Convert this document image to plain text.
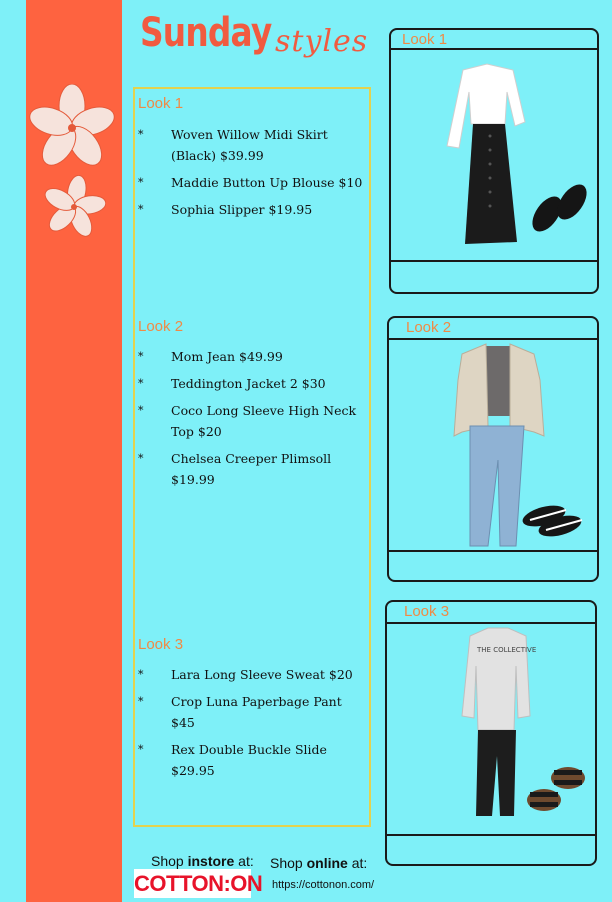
Sunday styles
Look 1
* Woven Willow Midi Skirt (Black) $39.99
* Maddie Button Up Blouse $10
* Sophia Slipper $19.95
Look 2
* Mom Jean $49.99
* Teddington Jacket 2 $30
* Coco Long Sleeve High Neck Top $20
* Chelsea Creeper Plimsoll $19.99
Look 3
* Lara Long Sleeve Sweat $20
* Crop Luna Paperbage Pant $45
* Rex Double Buckle Slide $29.95
Look 1
Look 2
Look 3
THE COLLECTIVE
Shop instore at: Shop online at:
COTTON:ON https://cottonon.com/
